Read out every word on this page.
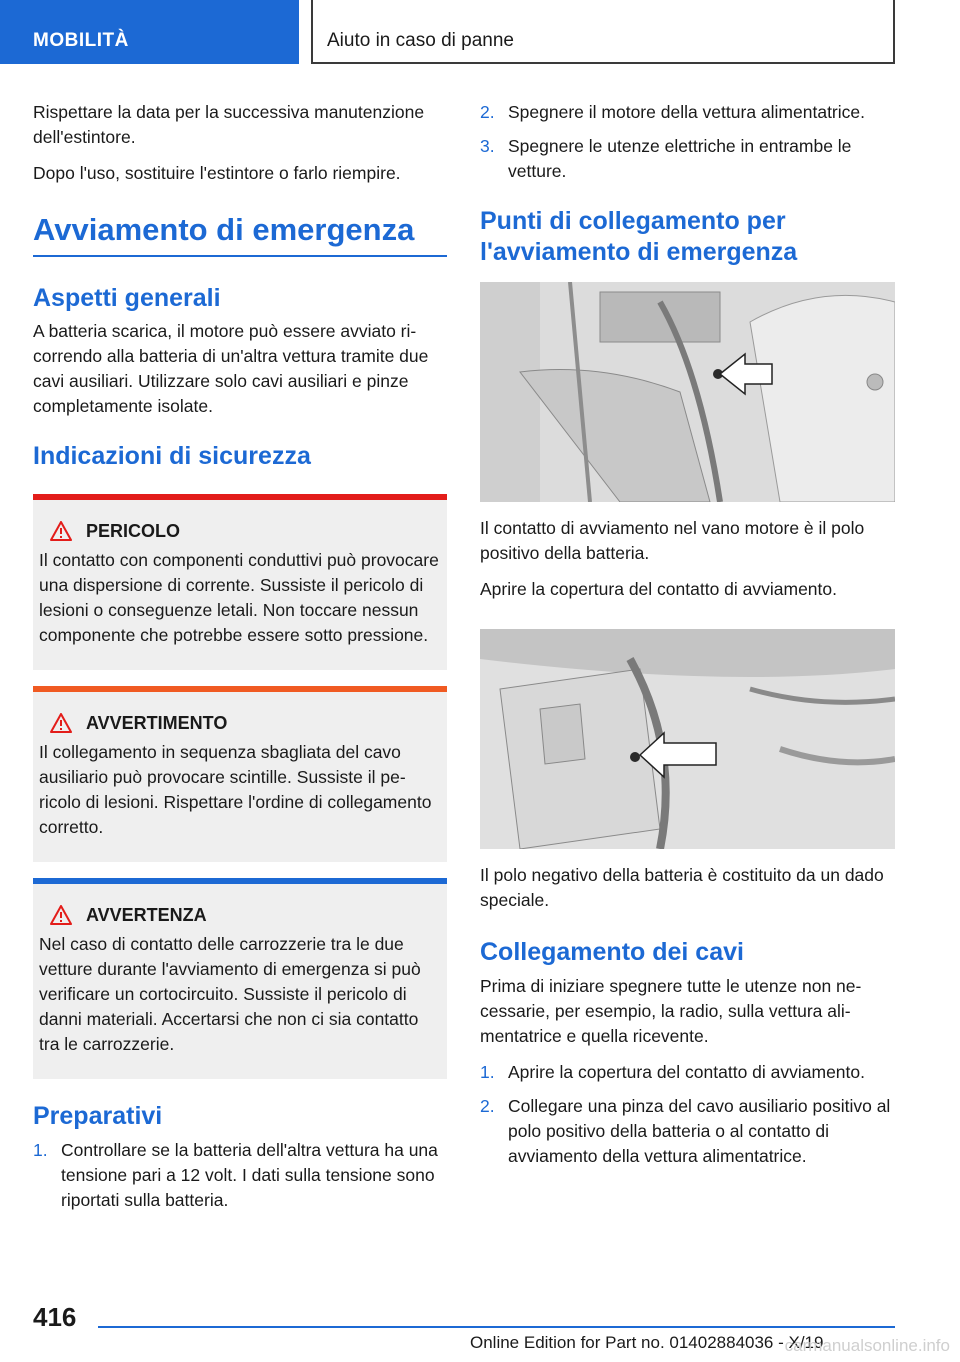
MOBILITÀ	Aiuto in caso di panne

Rispettare la data per la successiva manutenzione dell'estintore.

Dopo l'uso, sostituire l'estintore o farlo riempire.

Avviamento di emergenza
Aspetti generali

A batteria scarica, il motore può essere avviato ricorrendo alla batteria di un'altra vettura tramite due cavi ausiliari. Utilizzare solo cavi ausiliari e pinze completamente isolate.

Indicazioni di sicurezza
PERICOLO

Il contatto con componenti conduttivi può provocare una dispersione di corrente. Sussiste il pericolo di lesioni o conseguenze letali. Non toccare nessun componente che potrebbe essere sotto pressione.

AVVERTIMENTO

Il collegamento in sequenza sbagliata del cavo ausiliario può provocare scintille. Sussiste il pericolo di lesioni. Rispettare l'ordine di collegamento corretto.

AVVERTENZA

Nel caso di contatto delle carrozzerie tra le due vetture durante l'avviamento di emergenza si può verificare un cortocircuito. Sussiste il pericolo di danni materiali. Accertarsi che non ci sia contatto tra le carrozzerie.

Preparativi
1. Controllare se la batteria dell'altra vettura ha una tensione pari a 12 volt. I dati sulla tensione sono riportati sulla batteria.
2. Spegnere il motore della vettura alimentatrice.
3. Spegnere le utenze elettriche in entrambe le vetture.
Punti di collegamento per l'avviamento di emergenza

Il contatto di avviamento nel vano motore è il polo positivo della batteria.

Aprire la copertura del contatto di avviamento.

Il polo negativo della batteria è costituito da un dado speciale.

Collegamento dei cavi

Prima di iniziare spegnere tutte le utenze non necessarie, per esempio, la radio, sulla vettura alimentatrice e quella ricevente.

1. Aprire la copertura del contatto di avviamento.
2. Collegare una pinza del cavo ausiliario positivo al polo positivo della batteria o al contatto di avviamento della vettura alimentatrice.
416
Online Edition for Part no. 01402884036 - X/19
carmanualsonline.info
